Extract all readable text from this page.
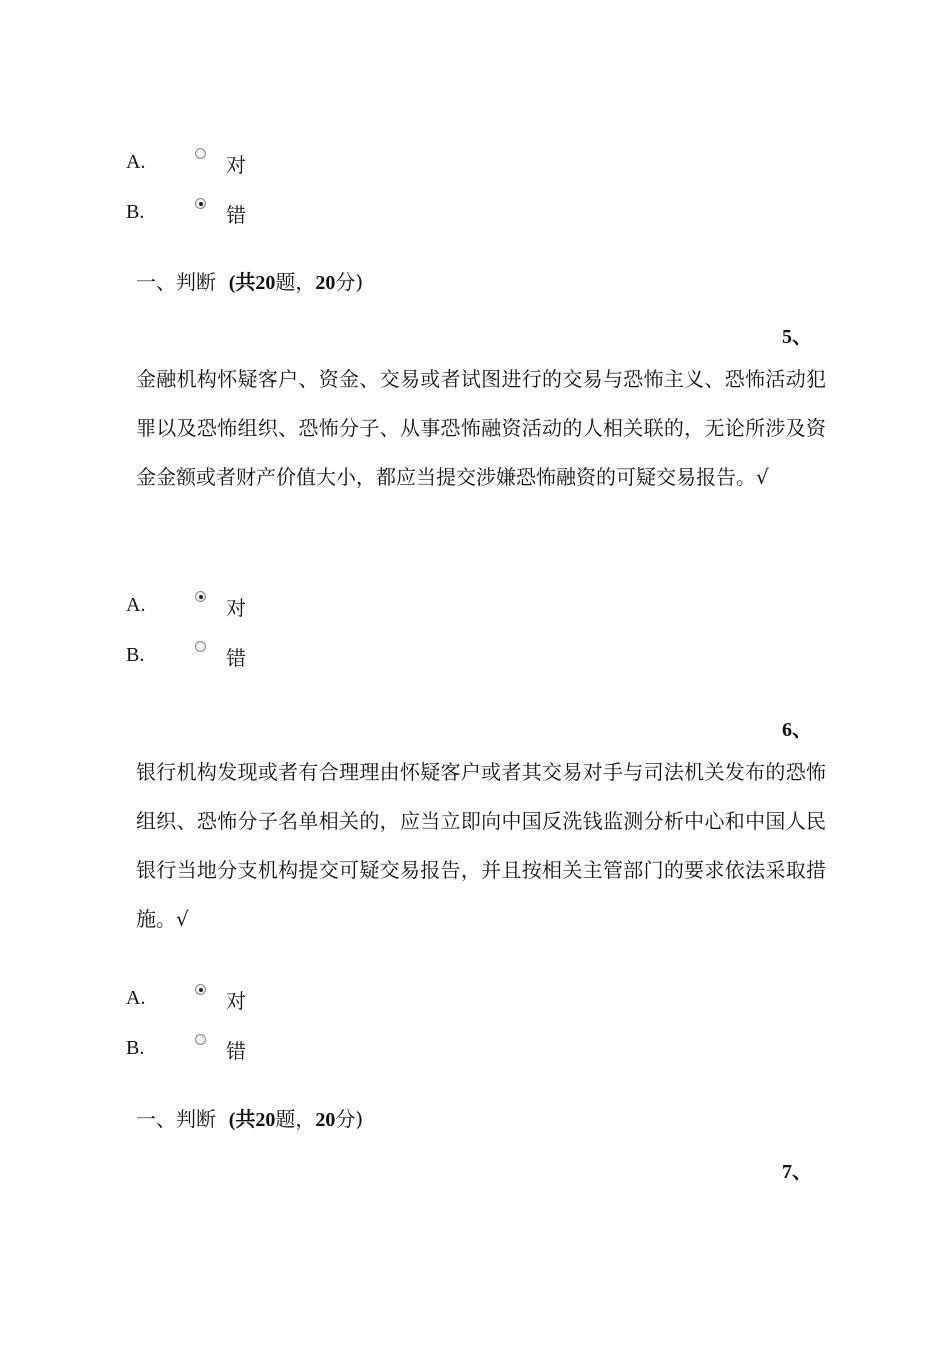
A.	对
B.	错
一、判断 (共20题，20分)
5、
金融机构怀疑客户、资金、交易或者试图进行的交易与恐怖主义、恐怖活动犯罪以及恐怖组织、恐怖分子、从事恐怖融资活动的人相关联的，无论所涉及资金金额或者财产价值大小，都应当提交涉嫌恐怖融资的可疑交易报告。√
A.	对
B.	错
6、
银行机构发现或者有合理理由怀疑客户或者其交易对手与司法机关发布的恐怖组织、恐怖分子名单相关的，应当立即向中国反洗钱监测分析中心和中国人民银行当地分支机构提交可疑交易报告，并且按相关主管部门的要求依法采取措施。√
A.	对
B.	错
一、判断 (共20题，20分)
7、
